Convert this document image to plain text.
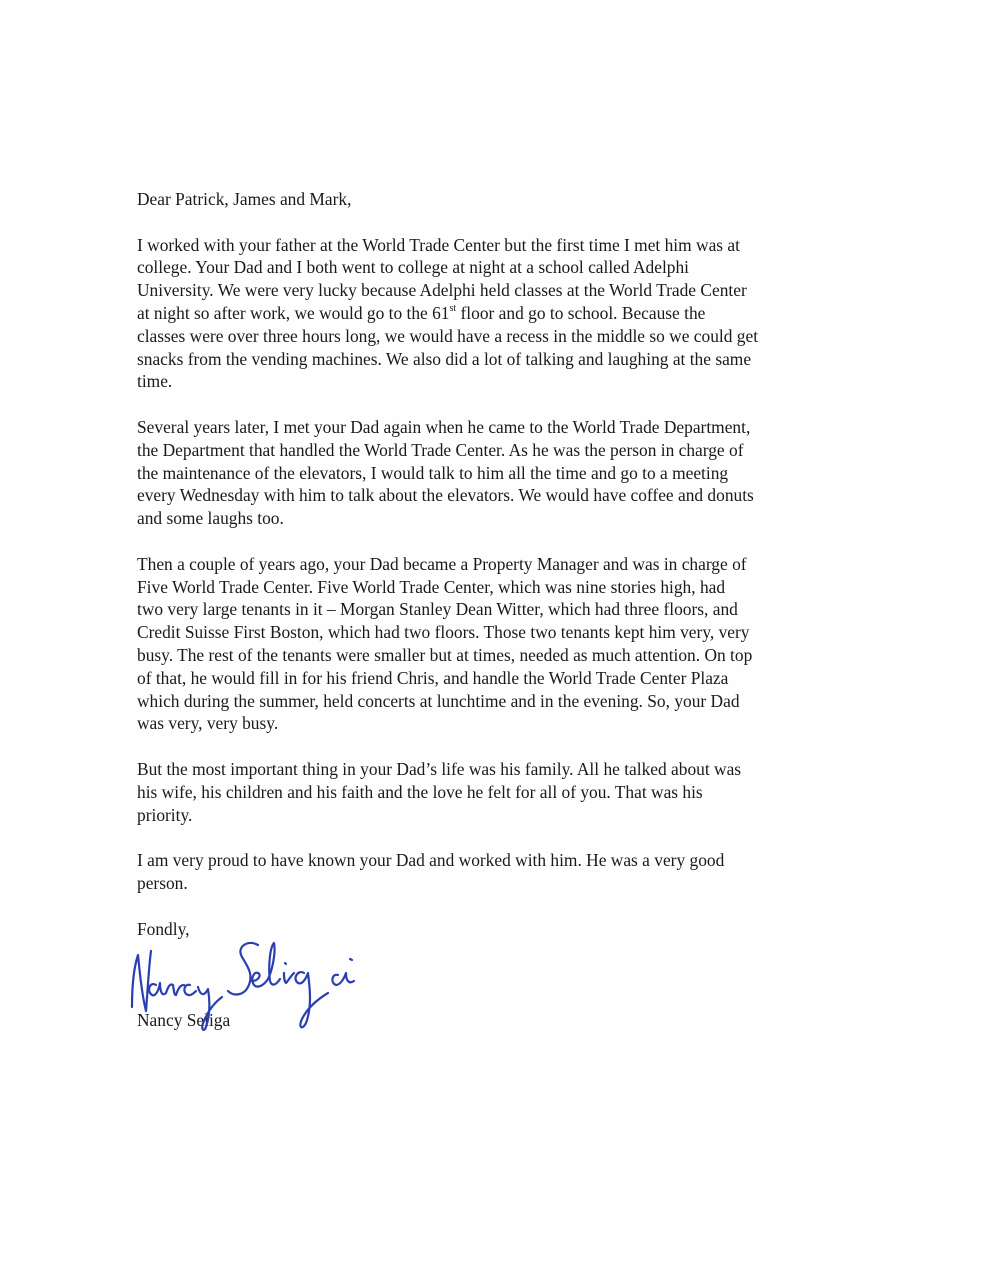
Dear Patrick, James and Mark,
I worked with your father at the World Trade Center but the first time I met him was at
college. Your Dad and I both went to college at night at a school called Adelphi
University. We were very lucky because Adelphi held classes at the World Trade Center
at night so after work, we would go to the 61st floor and go to school. Because the
classes were over three hours long, we would have a recess in the middle so we could get
snacks from the vending machines. We also did a lot of talking and laughing at the same
time.
Several years later, I met your Dad again when he came to the World Trade Department,
the Department that handled the World Trade Center. As he was the person in charge of
the maintenance of the elevators, I would talk to him all the time and go to a meeting
every Wednesday with him to talk about the elevators. We would have coffee and donuts
and some laughs too.
Then a couple of years ago, your Dad became a Property Manager and was in charge of
Five World Trade Center. Five World Trade Center, which was nine stories high, had
two very large tenants in it – Morgan Stanley Dean Witter, which had three floors, and
Credit Suisse First Boston, which had two floors. Those two tenants kept him very, very
busy. The rest of the tenants were smaller but at times, needed as much attention. On top
of that, he would fill in for his friend Chris, and handle the World Trade Center Plaza
which during the summer, held concerts at lunchtime and in the evening. So, your Dad
was very, very busy.
But the most important thing in your Dad’s life was his family. All he talked about was
his wife, his children and his faith and the love he felt for all of you. That was his
priority.
I am very proud to have known your Dad and worked with him. He was a very good
person.
Fondly,
Nancy Seliga
